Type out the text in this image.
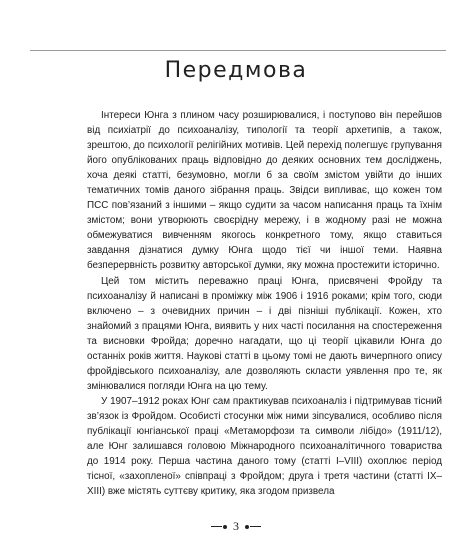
Передмова

Інтереси Юнга з плином часу розширювалися, і поступово він перейшов від психіатрії до психоаналізу, типології та теорії архетипів, а також, зрештою, до психології релігійних мотивів. Цей перехід полегшує групування його опублікованих праць відповідно до деяких основних тем досліджень, хоча деякі статті, безумовно, могли б за своїм змістом увійти до інших тематичних томів даного зібрання праць. Звідси випливає, що кожен том ПСС пов’язаний з іншими – якщо судити за часом написання праць та їхнім змістом; вони утворюють своєрідну мережу, і в жодному разі не можна обмежуватися вивченням якогось конкретного тому, якщо ставиться завдання дізнатися думку Юнга щодо тієї чи іншої теми. Наявна безперервність розвитку авторської думки, яку можна простежити історично.

Цей том містить переважно праці Юнга, присвячені Фройду та психоаналізу й написані в проміжку між 1906 і 1916 роками; крім того, сюди включено – з очевидних причин – і дві пізніші публікації. Кожен, хто знайомий з працями Юнга, виявить у них часті посилання на спостереження та висновки Фройда; доречно нагадати, що ці теорії цікавили Юнга до останніх років життя. Наукові статті в цьому томі не дають вичерпного опису фройдівського психоаналізу, але дозволяють скласти уявлення про те, як змінювалися погляди Юнга на цю тему.

У 1907–1912 роках Юнг сам практикував психоаналіз і підтримував тісний зв’язок із Фройдом. Особисті стосунки між ними зіпсувалися, особливо після публікації юнгіанської праці «Метаморфози та символи лібідо» (1911/12), але Юнг залишався головою Міжнародного психоаналітичного товариства до 1914 року. Перша частина даного тому (статті I–VIII) охоплює період тісної, «захопленої» співпраці з Фройдом; друга і третя частини (статті IX–XIII) вже містять суттєву критику, яка згодом призвела

3
